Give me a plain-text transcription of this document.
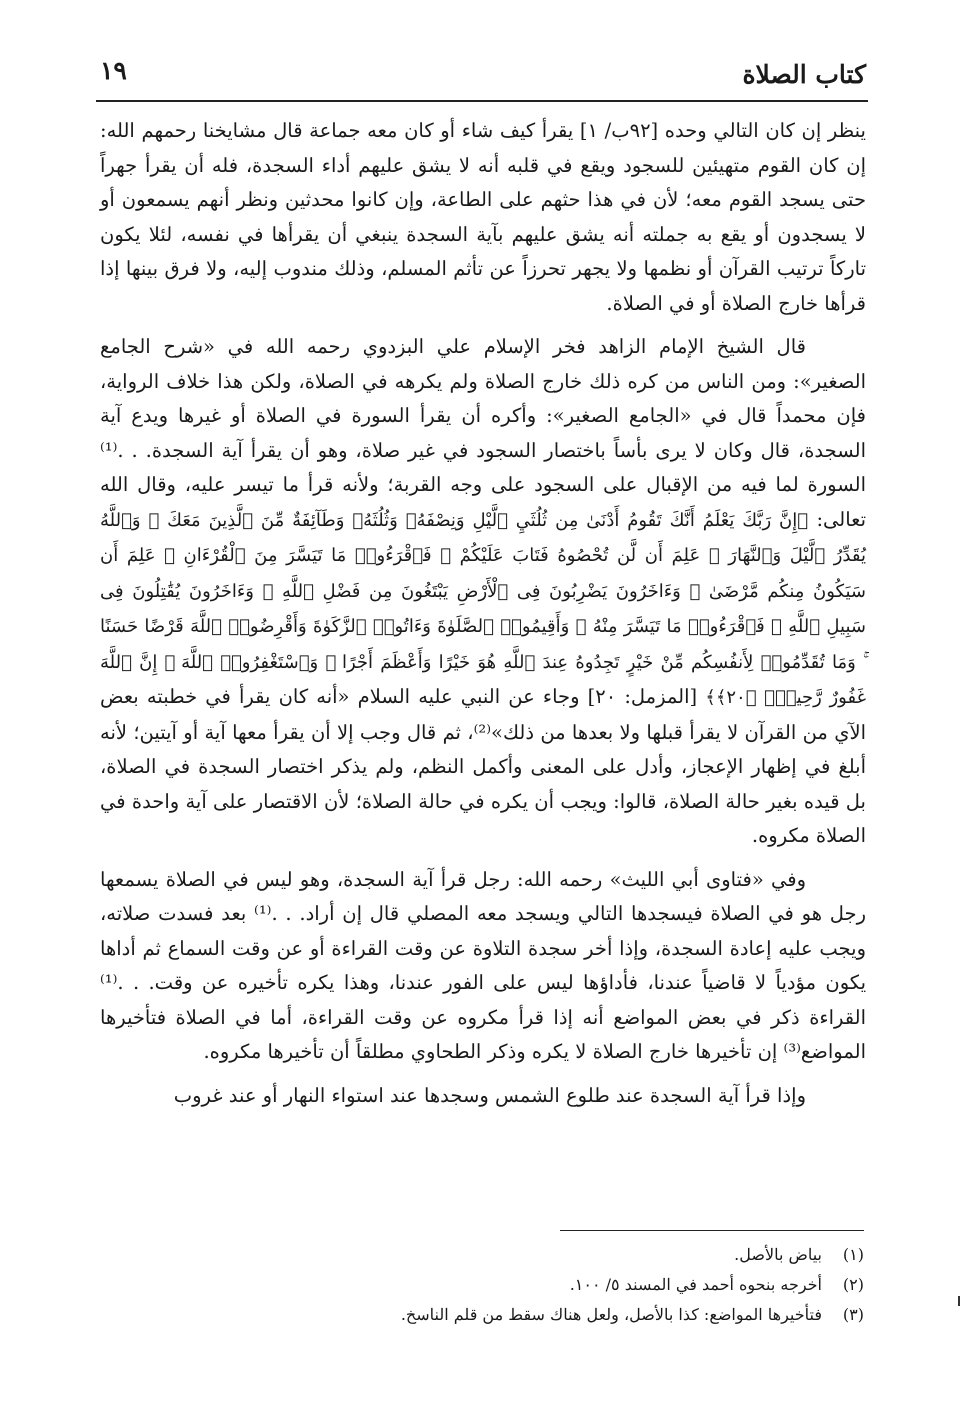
كتاب الصلاة
١٩

ينظر إن كان التالي وحده [٩٢ب/ ١] يقرأ كيف شاء أو كان معه جماعة قال مشايخنا رحمهم الله: إن كان القوم متهيئين للسجود ويقع في قلبه أنه لا يشق عليهم أداء السجدة، فله أن يقرأ جهراً حتى يسجد القوم معه؛ لأن في هذا حثهم على الطاعة، وإن كانوا محدثين ونظر أنهم يسمعون أو لا يسجدون أو يقع به جملته أنه يشق عليهم بآية السجدة ينبغي أن يقرأها في نفسه، لئلا يكون تاركاً ترتيب القرآن أو نظمها ولا يجهر تحرزاً عن تأثم المسلم، وذلك مندوب إليه، ولا فرق بينها إذا قرأها خارج الصلاة أو في الصلاة.

قال الشيخ الإمام الزاهد فخر الإسلام علي البزدوي رحمه الله في «شرح الجامع الصغير»: ومن الناس من كره ذلك خارج الصلاة ولم يكرهه في الصلاة، ولكن هذا خلاف الرواية، فإن محمداً قال في «الجامع الصغير»: وأكره أن يقرأ السورة في الصلاة أو غيرها ويدع آية السجدة، قال وكان لا يرى بأساً باختصار السجود في غير صلاة، وهو أن يقرأ آية السجدة. . .⁽¹⁾ السورة لما فيه من الإقبال على السجود على وجه القربة؛ ولأنه قرأ ما تيسر عليه، وقال الله تعالى: ﴿إِنَّ رَبَّكَ يَعْلَمُ أَنَّكَ تَقُومُ أَدْنَىٰ مِن ثُلُثَيِ ٱلَّيْلِ وَنِصْفَهُۥ وَثُلُثَهُۥ وَطَآئِفَةٌ مِّنَ ٱلَّذِينَ مَعَكَ ۚ وَٱللَّهُ يُقَدِّرُ ٱلَّيْلَ وَٱلنَّهَارَ ۚ عَلِمَ أَن لَّن تُحْصُوهُ فَتَابَ عَلَيْكُمْ ۖ فَٱقْرَءُوا۟ مَا تَيَسَّرَ مِنَ ٱلْقُرْءَانِ ۚ عَلِمَ أَن سَيَكُونُ مِنكُم مَّرْضَىٰ ۙ وَءَاخَرُونَ يَضْرِبُونَ فِى ٱلْأَرْضِ يَبْتَغُونَ مِن فَضْلِ ٱللَّهِ ۙ وَءَاخَرُونَ يُقَٰتِلُونَ فِى سَبِيلِ ٱللَّهِ ۖ فَٱقْرَءُوا۟ مَا تَيَسَّرَ مِنْهُ ۚ وَأَقِيمُوا۟ ٱلصَّلَوٰةَ وَءَاتُوا۟ ٱلزَّكَوٰةَ وَأَقْرِضُوا۟ ٱللَّهَ قَرْضًا حَسَنًا ۚ وَمَا تُقَدِّمُوا۟ لِأَنفُسِكُم مِّنْ خَيْرٍ تَجِدُوهُ عِندَ ٱللَّهِ هُوَ خَيْرًا وَأَعْظَمَ أَجْرًا ۚ وَٱسْتَغْفِرُوا۟ ٱللَّهَ ۖ إِنَّ ٱللَّهَ غَفُورٌ رَّحِيمٌۢ ﴿٢٠﴾﴾ [المزمل: ٢٠] وجاء عن النبي عليه السلام «أنه كان يقرأ في خطبته بعض الآي من القرآن لا يقرأ قبلها ولا بعدها من ذلك»⁽²⁾، ثم قال وجب إلا أن يقرأ معها آية أو آيتين؛ لأنه أبلغ في إظهار الإعجاز، وأدل على المعنى وأكمل النظم، ولم يذكر اختصار السجدة في الصلاة، بل قيده بغير حالة الصلاة، قالوا: ويجب أن يكره في حالة الصلاة؛ لأن الاقتصار على آية واحدة في الصلاة مكروه.

وفي «فتاوى أبي الليث» رحمه الله: رجل قرأ آية السجدة، وهو ليس في الصلاة يسمعها رجل هو في الصلاة فيسجدها التالي ويسجد معه المصلي قال إن أراد. . .⁽¹⁾ بعد فسدت صلاته، ويجب عليه إعادة السجدة، وإذا أخر سجدة التلاوة عن وقت القراءة أو عن وقت السماع ثم أداها يكون مؤدياً لا قاضياً عندنا، فأداؤها ليس على الفور عندنا، وهذا يكره تأخيره عن وقت. . .⁽¹⁾ القراءة ذكر في بعض المواضع أنه إذا قرأ مكروه عن وقت القراءة، أما في الصلاة فتأخيرها المواضع⁽³⁾ إن تأخيرها خارج الصلاة لا يكره وذكر الطحاوي مطلقاً أن تأخيرها مكروه.

وإذا قرأ آية السجدة عند طلوع الشمس وسجدها عند استواء النهار أو عند غروب

(١)بياض بالأصل.
(٢)أخرجه بنحوه أحمد في المسند ٥/ ١٠٠.
(٣)فتأخيرها المواضع: كذا بالأصل، ولعل هناك سقط من قلم الناسخ.
